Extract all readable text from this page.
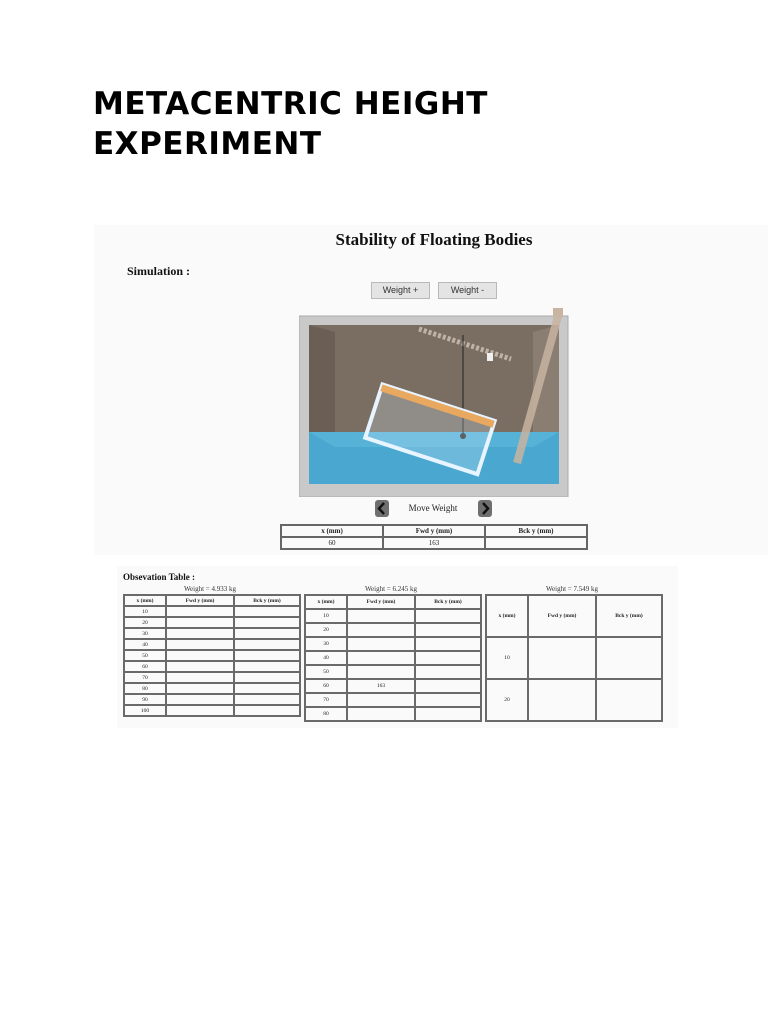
METACENTRIC HEIGHT
EXPERIMENT
Stability of Floating Bodies
Simulation :
Weight +	Weight -
Move Weight
x (mm)	Fwd y (mm)	Bck y (mm)
60	163	
Obsevation Table :
Weight = 4.933 kg
x (mm)	Fwd y (mm)	Bck y (mm)
10		
20		
30		
40		
50		
60		
70		
80		
90		
100		
Weight = 6.245 kg
x (mm)	Fwd y (mm)	Bck y (mm)
10		
20		
30		
40		
50		
60	163	
70		
80		
Weight = 7.549 kg
x (mm)	Fwd y (mm)	Bck y (mm)
10		
20		
